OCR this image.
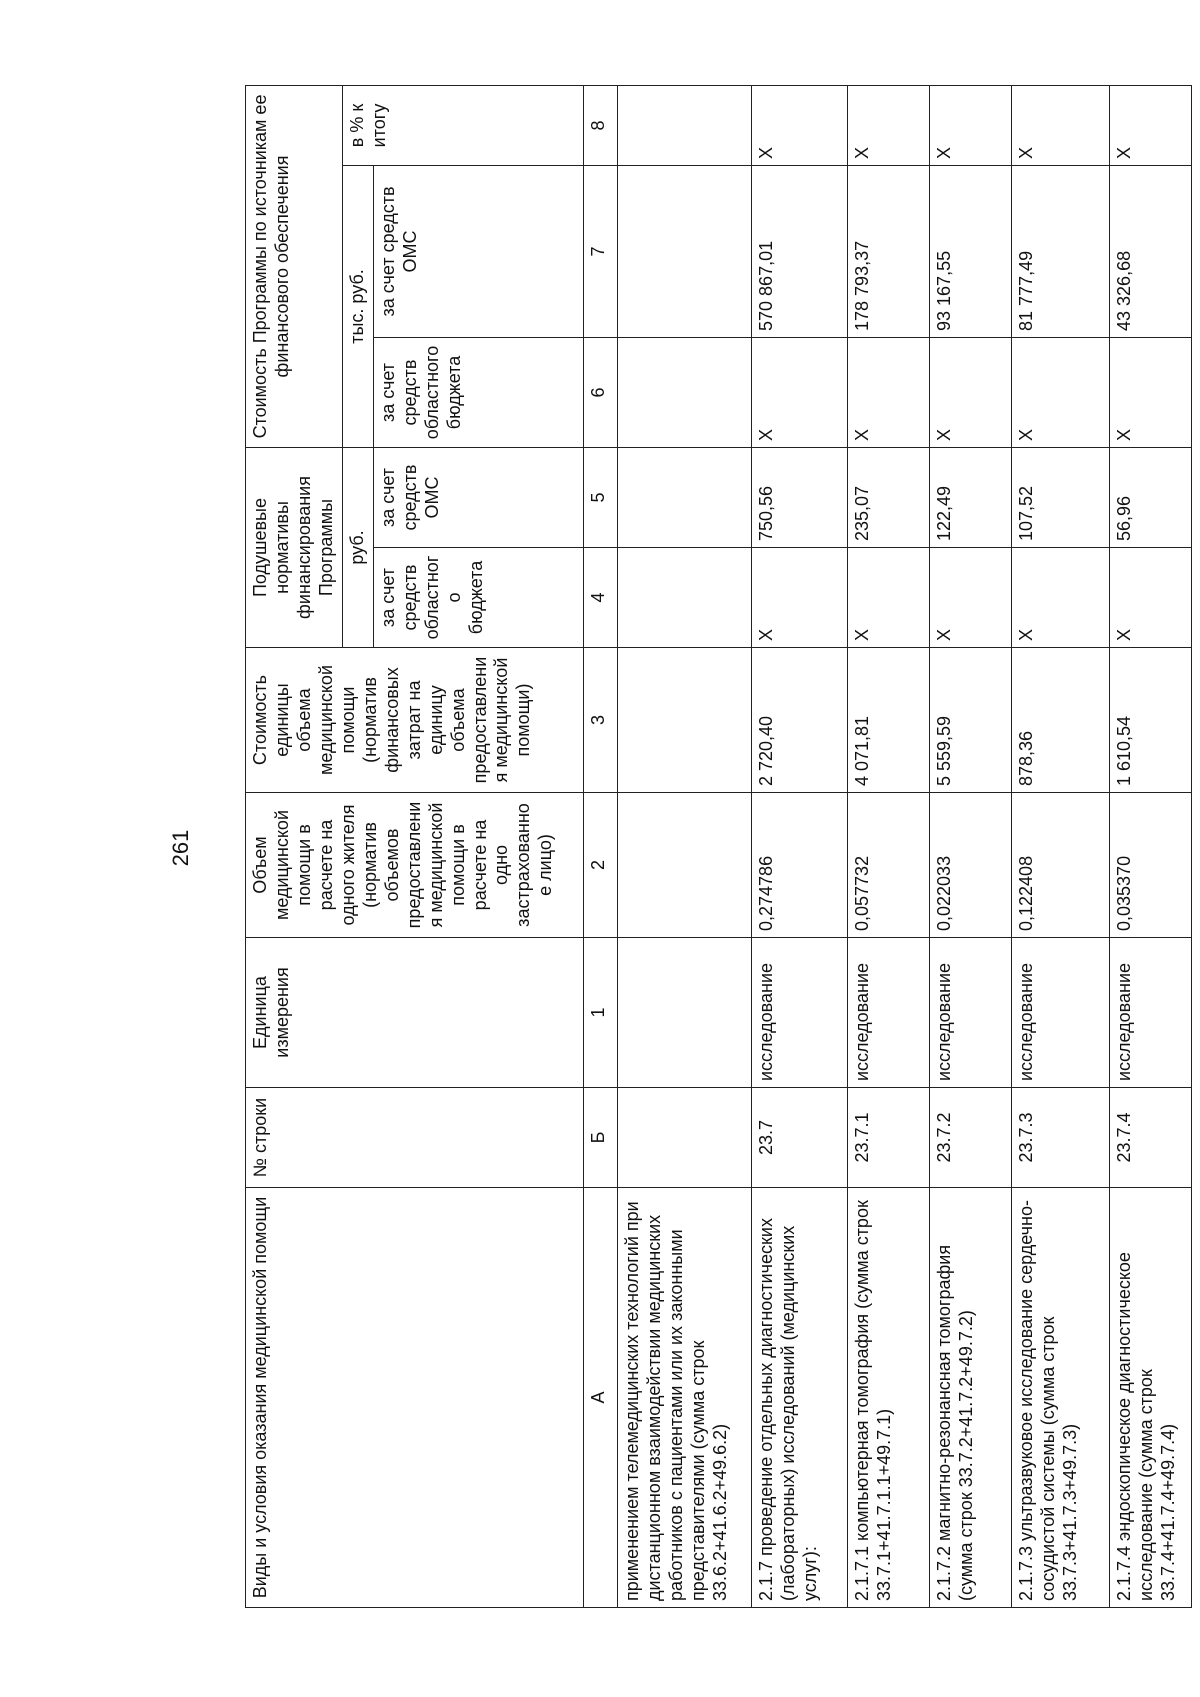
261
Виды и условия оказания медицинской помощи	№ строки	Единица измерения	Объем медицинской помощи в расчете на одного жителя (норматив объемов предоставления медицинской помощи в расчете на одно застрахованное лицо)	Стоимость единицы объема медицинской помощи (норматив финансовых затрат на единицу объема предоставления медицинской помощи)	Подушевые нормативы финансирования Программы		Стоимость Программы по источникам ее финансового обеспечения		
					руб.		тыс. руб.		в % к итогу
					за счет средств областног о бюджета	за счет средств ОМС	за счет средств областного бюджета	за счет средств ОМС	
А	Б	1	2	3	4	5	6	7	8
применением телемедицинских технологий при дистанционном взаимодействии медицинских работников с пациентами или их законными представителями (сумма строк 33.6.2+41.6.2+49.6.2)									
2.1.7 проведение отдельных диагностических (лабораторных) исследований (медицинских услуг):	23.7	исследование	0,274786	2 720,40	X	750,56	X	570 867,01	X
2.1.7.1 компьютерная томография (сумма строк 33.7.1+41.7.1.1+49.7.1)	23.7.1	исследование	0,057732	4 071,81	X	235,07	X	178 793,37	X
2.1.7.2 магнитно-резонансная томография (сумма строк 33.7.2+41.7.2+49.7.2)	23.7.2	исследование	0,022033	5 559,59	X	122,49	X	93 167,55	X
2.1.7.3 ультразвуковое исследование сердечно-сосудистой системы (сумма строк 33.7.3+41.7.3+49.7.3)	23.7.3	исследование	0,122408	878,36	X	107,52	X	81 777,49	X
2.1.7.4 эндоскопическое диагностическое исследование (сумма строк 33.7.4+41.7.4+49.7.4)	23.7.4	исследование	0,035370	1 610,54	X	56,96	X	43 326,68	X
